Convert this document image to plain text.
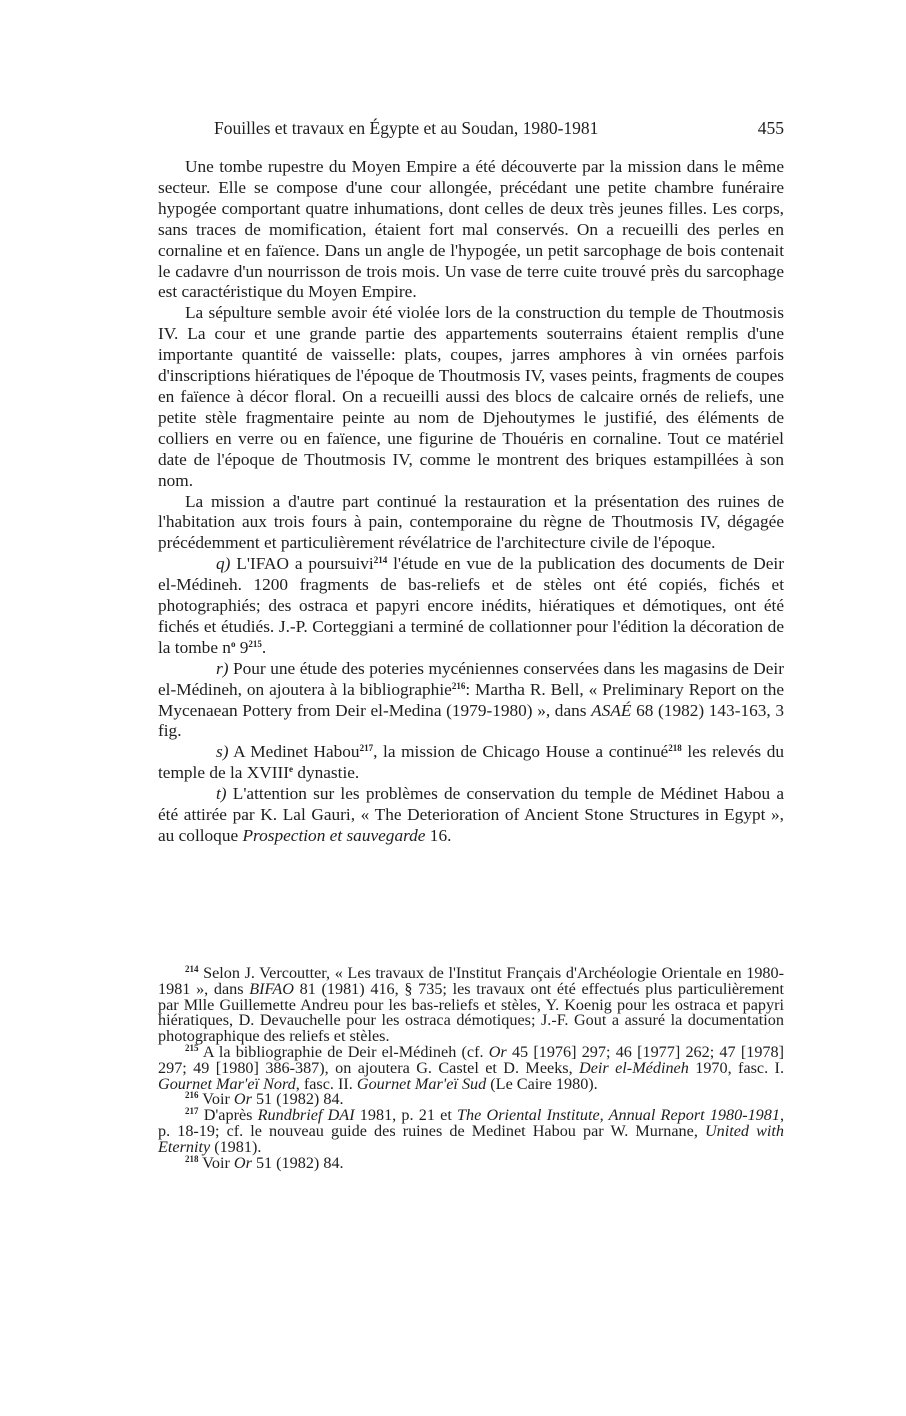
Fouilles et travaux en Égypte et au Soudan, 1980-1981	455

Une tombe rupestre du Moyen Empire a été découverte par la mission dans le même secteur. Elle se compose d'une cour allongée, précédant une petite chambre funéraire hypogée comportant quatre inhumations, dont celles de deux très jeunes filles. Les corps, sans traces de momification, étaient fort mal conservés. On a recueilli des perles en cornaline et en faïence. Dans un angle de l'hypogée, un petit sarcophage de bois contenait le cadavre d'un nourrisson de trois mois. Un vase de terre cuite trouvé près du sarcophage est caractéristique du Moyen Empire.

La sépulture semble avoir été violée lors de la construction du temple de Thoutmosis IV. La cour et une grande partie des appartements souterrains étaient remplis d'une importante quantité de vaisselle: plats, coupes, jarres amphores à vin ornées parfois d'inscriptions hiératiques de l'époque de Thoutmosis IV, vases peints, fragments de coupes en faïence à décor floral. On a recueilli aussi des blocs de calcaire ornés de reliefs, une petite stèle fragmentaire peinte au nom de Djehoutymes le justifié, des éléments de colliers en verre ou en faïence, une figurine de Thouéris en cornaline. Tout ce matériel date de l'époque de Thoutmosis IV, comme le montrent des briques estampillées à son nom.

La mission a d'autre part continué la restauration et la présentation des ruines de l'habitation aux trois fours à pain, contemporaine du règne de Thoutmosis IV, dégagée précédemment et particulièrement révélatrice de l'architecture civile de l'époque.

q) L'IFAO a poursuivi$^{214}$ l'étude en vue de la publication des documents de Deir el-Médineh. 1200 fragments de bas-reliefs et de stèles ont été copiés, fichés et photographiés; des ostraca et papyri encore inédits, hiératiques et démotiques, ont été fichés et étudiés. J.-P. Corteggiani a terminé de collationner pour l'édition la décoration de la tombe $n^o$ $9^{215}$.

r) Pour une étude des poteries mycéniennes conservées dans les magasins de Deir el-Médineh, on ajoutera à la bibliographie$^{216}$: Martha R. Bell, « Preliminary Report on the Mycenaean Pottery from Deir el-Medina (1979-1980) », dans ASAÉ 68 (1982) 143-163, 3 fig.

s) A Medinet Habou$^{217}$, la mission de Chicago House a continué$^{218}$ les relevés du temple de la XVIIIe dynastie.

t) L'attention sur les problèmes de conservation du temple de Médinet Habou a été attirée par K. Lal Gauri, « The Deterioration of Ancient Stone Structures in Egypt », au colloque Prospection et sauvegarde 16.

$^{214}$ Selon J. Vercoutter, « Les travaux de l'Institut Français d'Archéologie Orientale en 1980-1981 », dans BIFAO 81 (1981) 416, § 735; les travaux ont été effectués plus particulièrement par Mlle Guillemette Andreu pour les bas-reliefs et stèles, Y. Koenig pour les ostraca et papyri hiératiques, D. Devauchelle pour les ostraca démotiques; J.-F. Gout a assuré la documentation photographique des reliefs et stèles.

$^{215}$ A la bibliographie de Deir el-Médineh (cf. Or 45 [1976] 297; 46 [1977] 262; 47 [1978] 297; 49 [1980] 386-387), on ajoutera G. Castel et D. Meeks, Deir el-Médineh 1970, fasc. I. Gournet Mar'eï Nord, fasc. II. Gournet Mar'eï Sud (Le Caire 1980).

$^{216}$ Voir Or 51 (1982) 84.

$^{217}$ D'après Rundbrief DAI 1981, p. 21 et The Oriental Institute, Annual Report 1980-1981, p. 18-19; cf. le nouveau guide des ruines de Medinet Habou par W. Murnane, United with Eternity (1981).

$^{218}$ Voir Or 51 (1982) 84.
